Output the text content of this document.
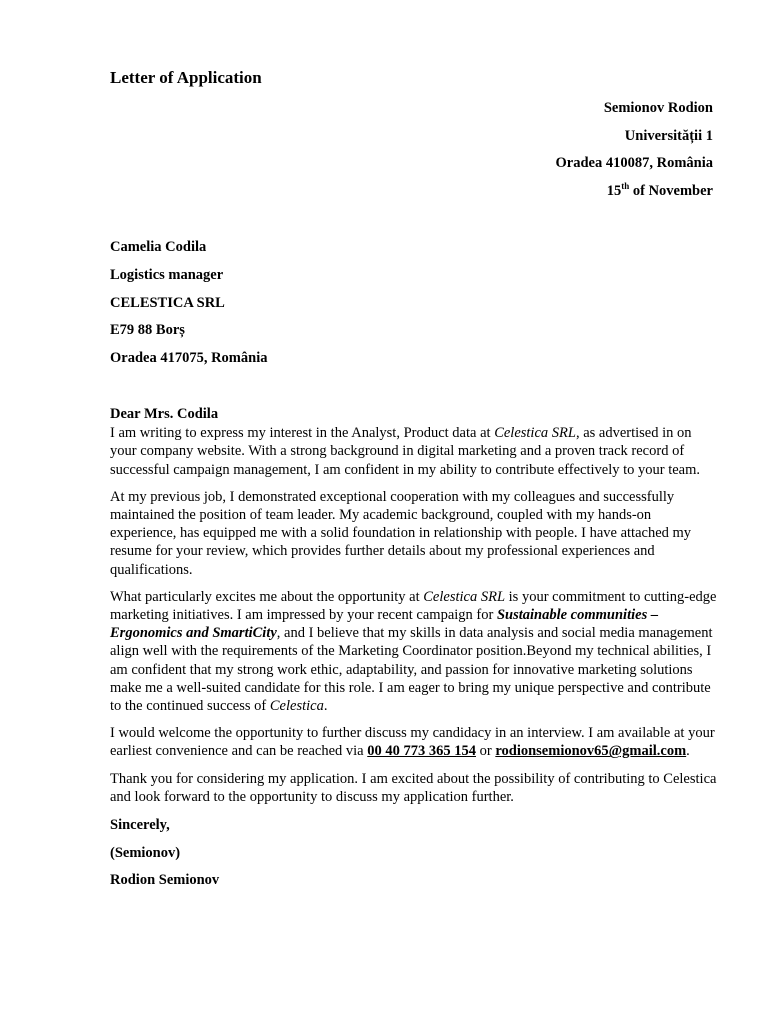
Letter of Application
Semionov Rodion
Universității 1
Oradea 410087, România
15th of November
Camelia Codila
Logistics manager
CELESTICA SRL
E79 88 Borș
Oradea 417075, România
Dear Mrs. Codila

I am writing to express my interest in the Analyst, Product data at Celestica SRL, as advertised in on your company website. With a strong background in digital marketing and a proven track record of successful campaign management, I am confident in my ability to contribute effectively to your team.

At my previous job, I demonstrated exceptional cooperation with my colleagues and successfully maintained the position of team leader. My academic background, coupled with my hands-on experience, has equipped me with a solid foundation in relationship with people. I have attached my resume for your review, which provides further details about my professional experiences and qualifications.

What particularly excites me about the opportunity at Celestica SRL is your commitment to cutting-edge marketing initiatives. I am impressed by your recent campaign for Sustainable communities – Ergonomics and SmartiCity, and I believe that my skills in data analysis and social media management align well with the requirements of the Marketing Coordinator position.Beyond my technical abilities, I am confident that my strong work ethic, adaptability, and passion for innovative marketing solutions make me a well-suited candidate for this role. I am eager to bring my unique perspective and contribute to the continued success of Celestica.

I would welcome the opportunity to further discuss my candidacy in an interview. I am available at your earliest convenience and can be reached via 00 40 773 365 154 or rodionsemionov65@gmail.com.

Thank you for considering my application. I am excited about the possibility of contributing to Celestica and look forward to the opportunity to discuss my application further.

Sincerely,
(Semionov)
Rodion Semionov
